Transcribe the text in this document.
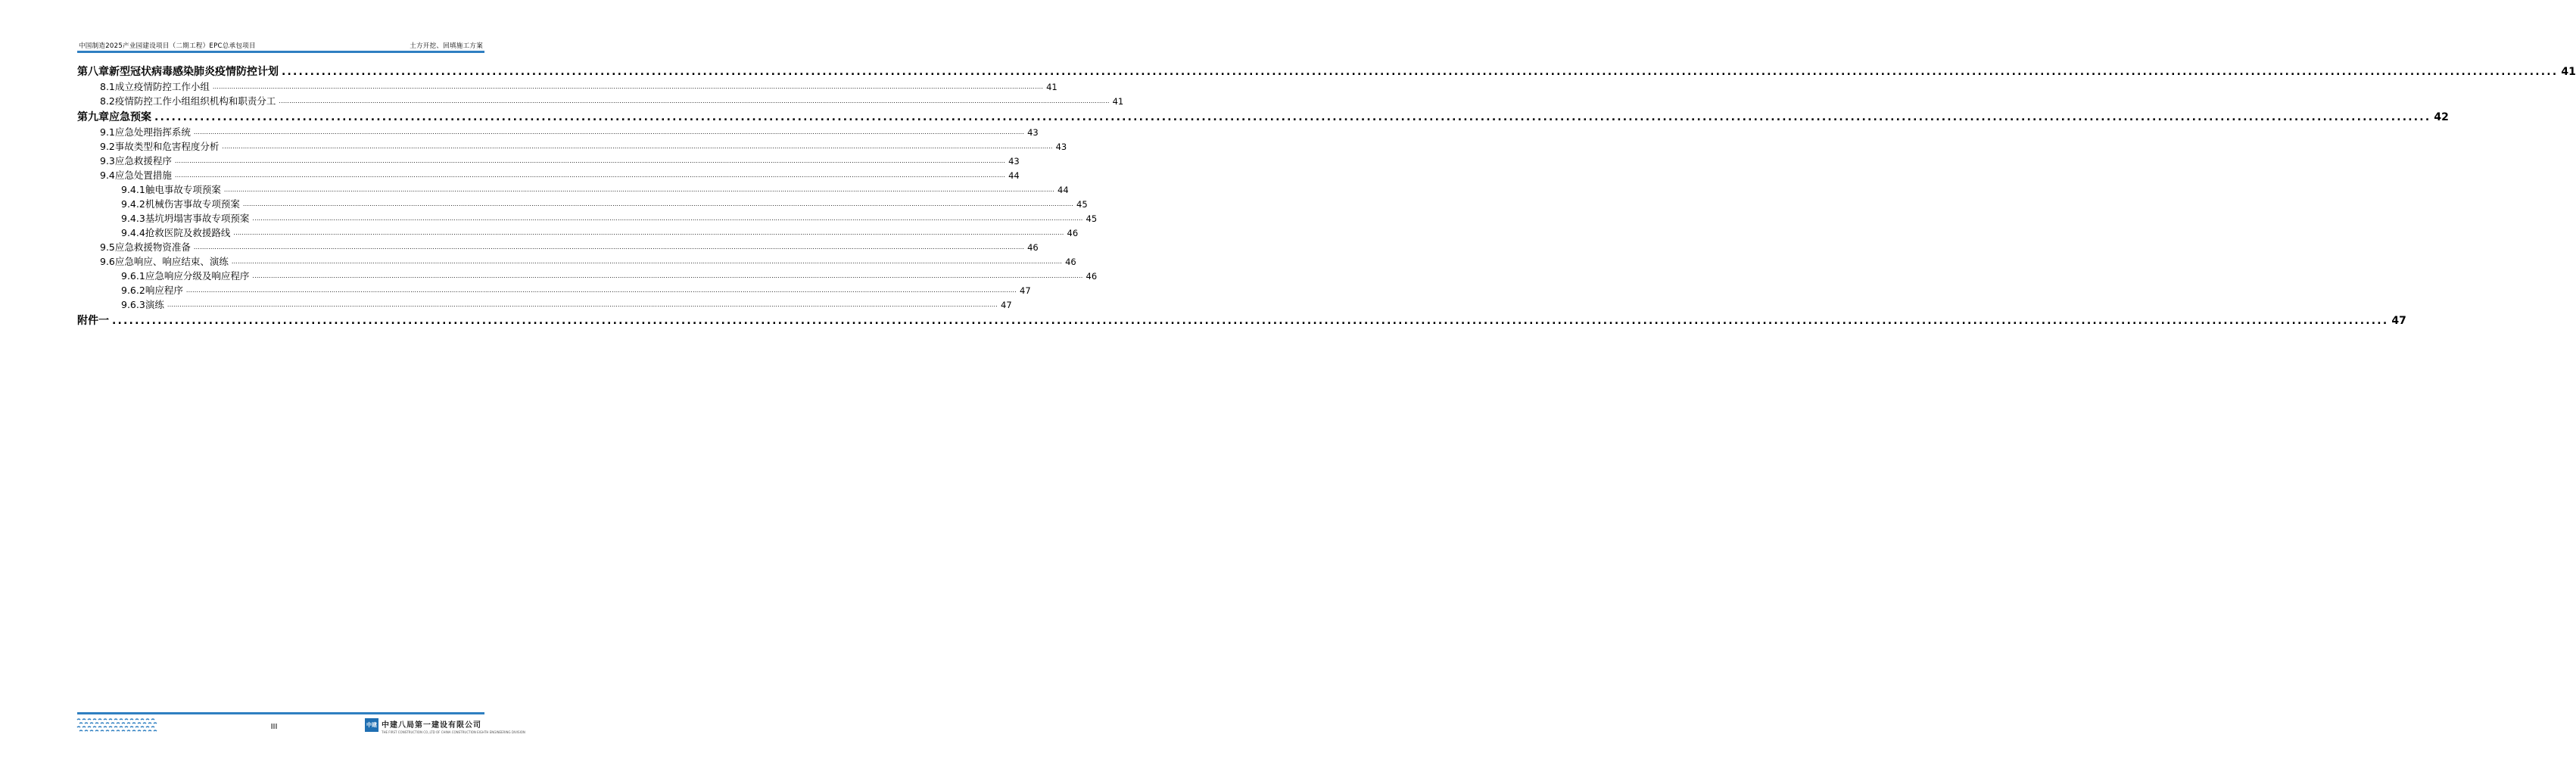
中国制造2025产业园建设项目（二期工程）EPC总承包项目	土方开挖、回填施工方案
第八章 新型冠状病毒感染肺炎疫情防控计划 ................................................................................................................................................................................................................................................................................................................................................................................................................ 41
8.1 成立疫情防控工作小组 ................................................................................................................................................................................................................................................................................................................................................................................................................ 41
8.2 疫情防控工作小组组织机构和职责分工 ................................................................................................................................................................................................................................................................................................................................................................................................................ 41
第九章 应急预案 ................................................................................................................................................................................................................................................................................................................................................................................................................ 42
9.1 应急处理指挥系统 ................................................................................................................................................................................................................................................................................................................................................................................................................ 43
9.2 事故类型和危害程度分析 ................................................................................................................................................................................................................................................................................................................................................................................................................ 43
9.3 应急救援程序 ................................................................................................................................................................................................................................................................................................................................................................................................................ 43
9.4 应急处置措施 ................................................................................................................................................................................................................................................................................................................................................................................................................ 44
9.4.1 触电事故专项预案 ................................................................................................................................................................................................................................................................................................................................................................................................................ 44
9.4.2 机械伤害事故专项预案 ................................................................................................................................................................................................................................................................................................................................................................................................................ 45
9.4.3 基坑坍塌害事故专项预案 ................................................................................................................................................................................................................................................................................................................................................................................................................ 45
9.4.4 抢救医院及救援路线 ................................................................................................................................................................................................................................................................................................................................................................................................................ 46
9.5 应急救援物资准备 ................................................................................................................................................................................................................................................................................................................................................................................................................ 46
9.6 应急响应、响应结束、演练 ................................................................................................................................................................................................................................................................................................................................................................................................................ 46
9.6.1 应急响应分级及响应程序 ................................................................................................................................................................................................................................................................................................................................................................................................................ 46
9.6.2 响应程序 ................................................................................................................................................................................................................................................................................................................................................................................................................ 47
9.6.3 演练 ................................................................................................................................................................................................................................................................................................................................................................................................................ 47
附件一 ................................................................................................................................................................................................................................................................................................................................................................................................................ 47
III	中建 中建八局第一建设有限公司
THE FIRST CONSTRUCTION CO.,LTD OF CHINA CONSTRUCTION EIGHTH ENGINEERING DIVISION
